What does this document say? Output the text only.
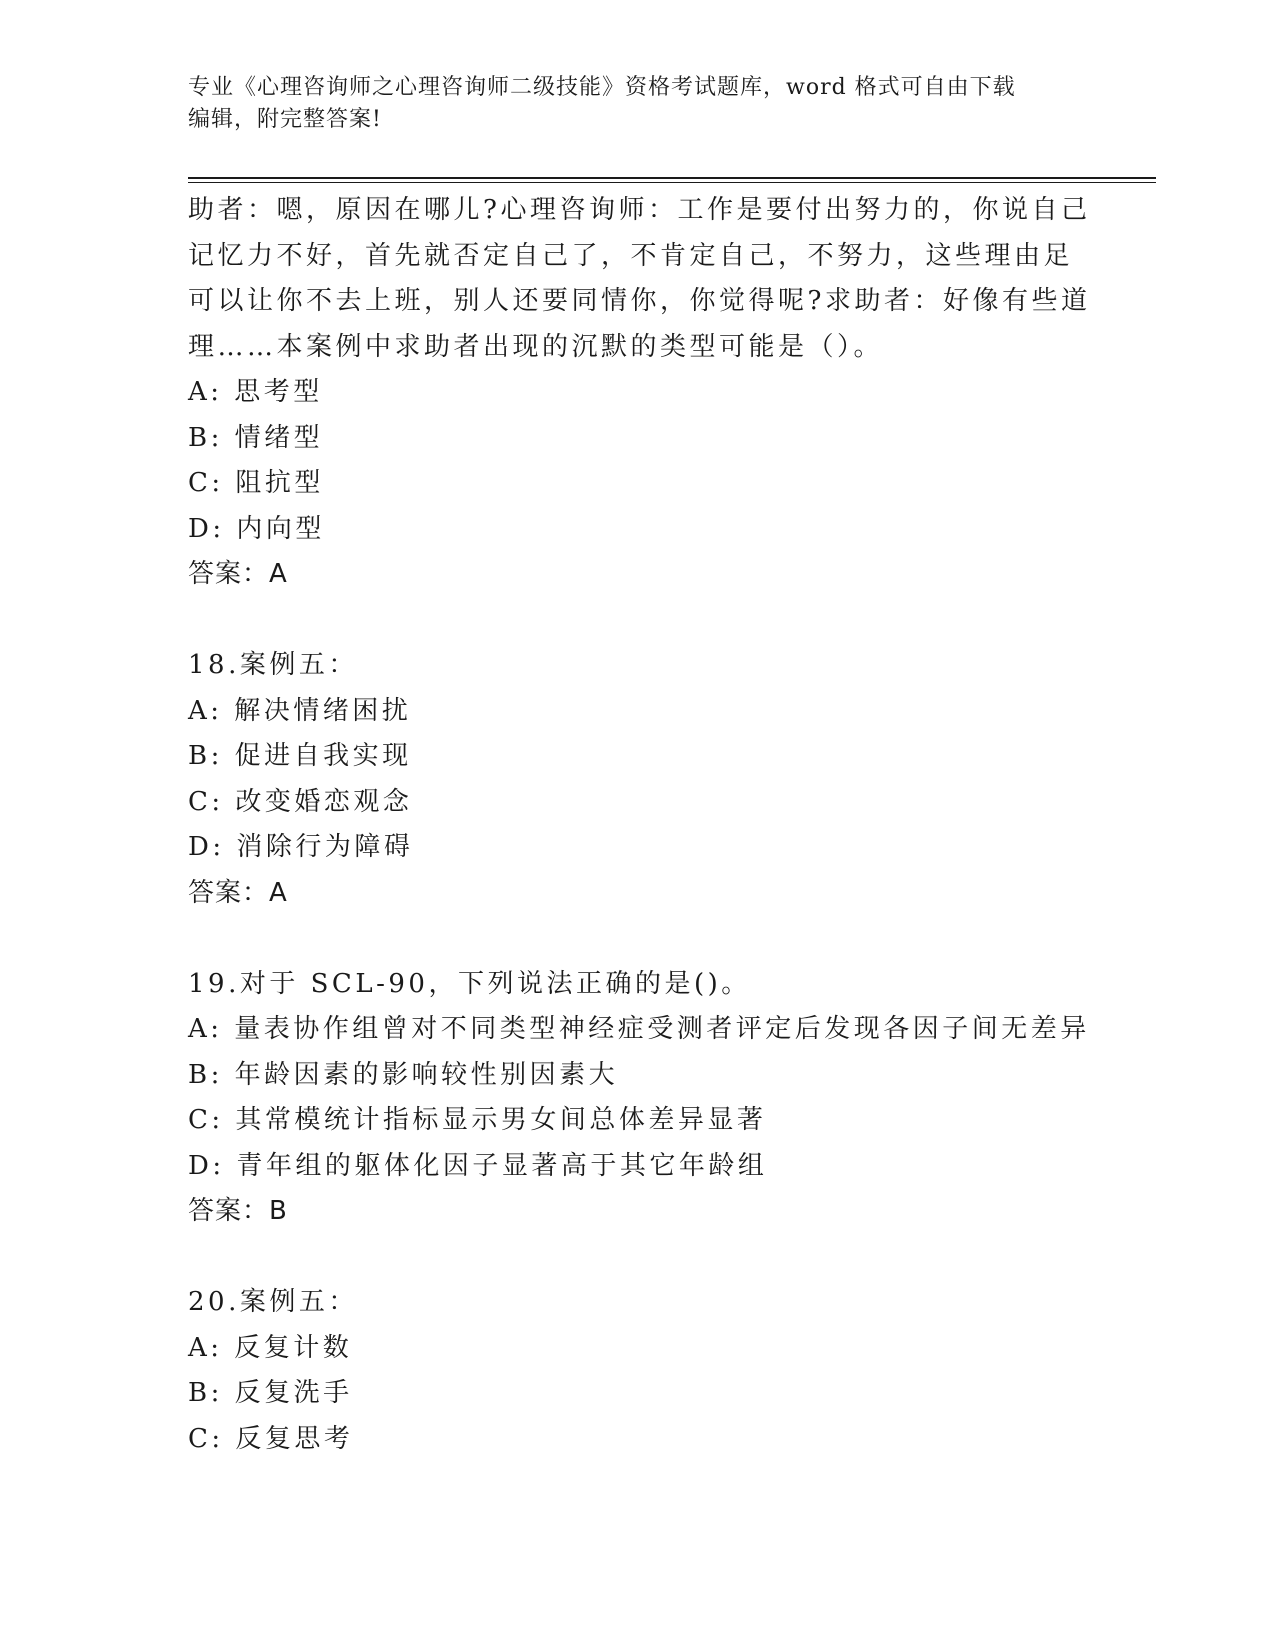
专业《心理咨询师之心理咨询师二级技能》资格考试题库，word 格式可自由下载
编辑，附完整答案!
助者：嗯，原因在哪儿?心理咨询师：工作是要付出努力的，你说自己
记忆力不好，首先就否定自己了，不肯定自己，不努力，这些理由足
可以让你不去上班，别人还要同情你，你觉得呢?求助者：好像有些道
理……本案例中求助者出现的沉默的类型可能是（）。
A: 思考型
B: 情绪型
C: 阻抗型
D: 内向型
答案：A
18.案例五：
A: 解决情绪困扰
B: 促进自我实现
C: 改变婚恋观念
D: 消除行为障碍
答案：A
19.对于 SCL-90，下列说法正确的是()。
A: 量表协作组曾对不同类型神经症受测者评定后发现各因子间无差异
B: 年龄因素的影响较性别因素大
C: 其常模统计指标显示男女间总体差异显著
D: 青年组的躯体化因子显著高于其它年龄组
答案：B
20.案例五：
A: 反复计数
B: 反复洗手
C: 反复思考
